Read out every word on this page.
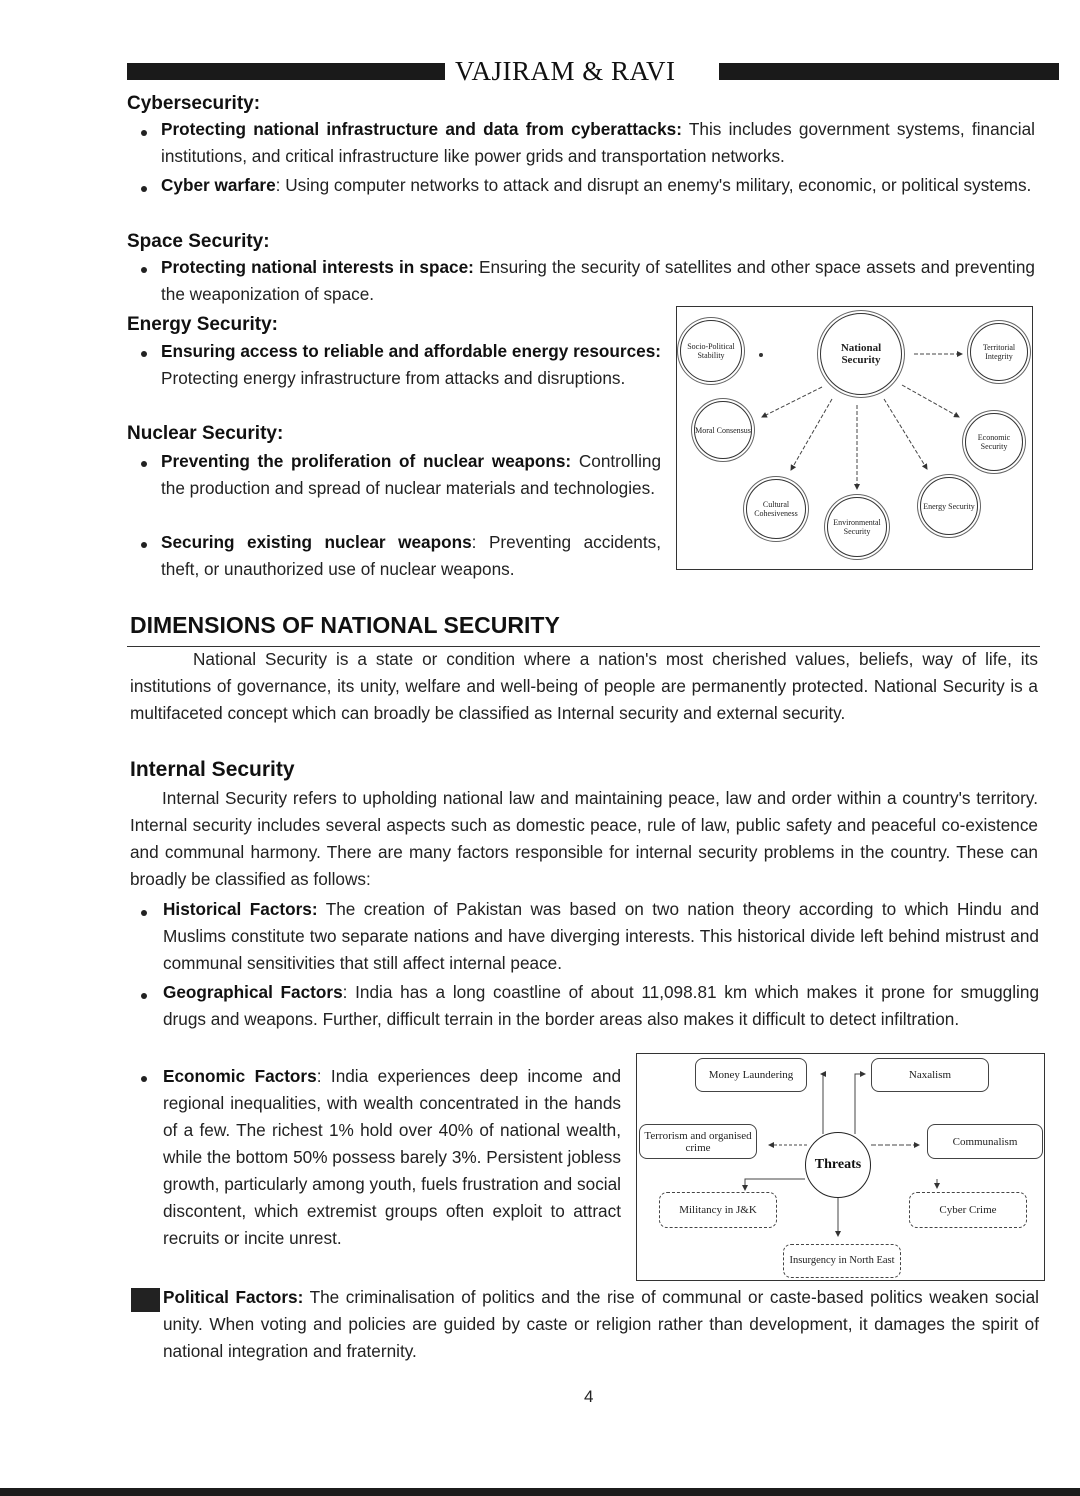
VAJIRAM & RAVI
Cybersecurity:
Protecting national infrastructure and data from cyberattacks: This includes government systems, financial institutions, and critical infrastructure like power grids and transportation networks.
Cyber warfare: Using computer networks to attack and disrupt an enemy's military, economic, or political systems.
Space Security:
Protecting national interests in space: Ensuring the security of satellites and other space assets and preventing the weaponization of space.
Energy Security:
Ensuring access to reliable and affordable energy resources: Protecting energy infrastructure from attacks and disruptions.
Nuclear Security:
Preventing the proliferation of nuclear weapons: Controlling the production and spread of nuclear materials and technologies.
Securing existing nuclear weapons: Preventing accidents, theft, or unauthorized use of nuclear weapons.
Socio-Political Stability
National Security
Territorial Integrity
Moral Consensus
Economic Security
Cultural Cohesiveness
Environmental Security
Energy Security
DIMENSIONS OF NATIONAL SECURITY
National Security is a state or condition where a nation's most cherished values, beliefs, way of life, its institutions of governance, its unity, welfare and well-being of people are permanently protected. National Security is a multifaceted concept which can broadly be classified as Internal security and external security.
Internal Security
Internal Security refers to upholding national law and maintaining peace, law and order within a country's territory. Internal security includes several aspects such as domestic peace, rule of law, public safety and peaceful co-existence and communal harmony. There are many factors responsible for internal security problems in the country. These can broadly be classified as follows:
Historical Factors: The creation of Pakistan was based on two nation theory according to which Hindu and Muslims constitute two separate nations and have diverging interests. This historical divide left behind mistrust and communal sensitivities that still affect internal peace.
Geographical Factors: India has a long coastline of about 11,098.81 km which makes it prone for smuggling drugs and weapons. Further, difficult terrain in the border areas also makes it difficult to detect infiltration.
Economic Factors: India experiences deep income and regional inequalities, with wealth concentrated in the hands of a few. The richest 1% hold over 40% of national wealth, while the bottom 50% possess barely 3%. Persistent jobless growth, particularly among youth, fuels frustration and social discontent, which extremist groups often exploit to attract recruits or incite unrest.
Money Laundering	Naxalism
Terrorism and organised crime
Threats
Communalism
Militancy in J&K	Cyber Crime
Insurgency in North East
Political Factors: The criminalisation of politics and the rise of communal or caste-based politics weaken social unity. When voting and policies are guided by caste or religion rather than development, it damages the spirit of national integration and fraternity.
4
